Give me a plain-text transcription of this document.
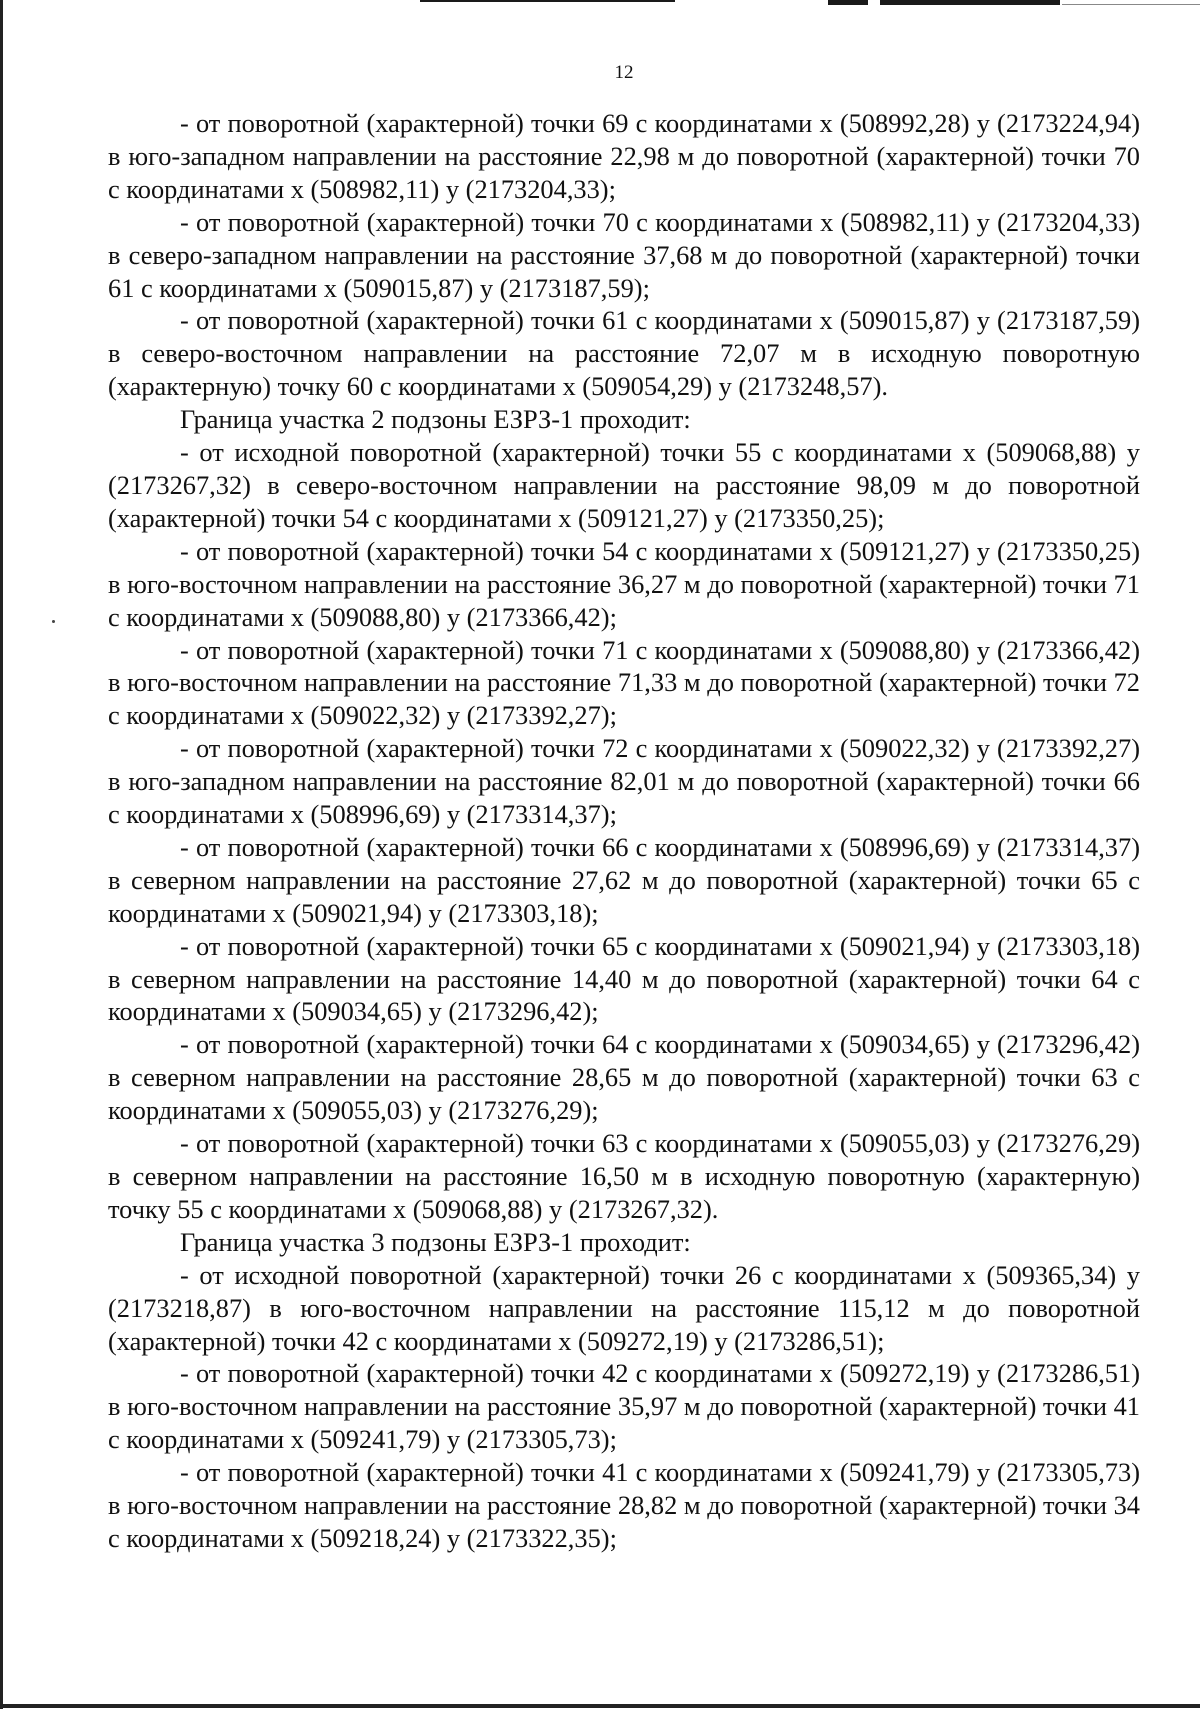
12

- от поворотной (характерной) точки 69 с координатами x (508992,28) y (2173224,94) в юго-западном направлении на расстояние 22,98 м до поворотной (характерной) точки 70 с координатами x (508982,11) y (2173204,33);

- от поворотной (характерной) точки 70 с координатами x (508982,11) y (2173204,33) в северо-западном направлении на расстояние 37,68 м до поворотной (характерной) точки 61 с координатами x (509015,87) y (2173187,59);

- от поворотной (характерной) точки 61 с координатами x (509015,87) y (2173187,59) в северо-восточном направлении на расстояние 72,07 м в исходную поворотную (характерную) точку 60 с координатами x (509054,29) y (2173248,57).

Граница участка 2 подзоны ЕЗРЗ-1 проходит:

- от исходной поворотной (характерной) точки 55 с координатами x (509068,88) y (2173267,32) в северо-восточном направлении на расстояние 98,09 м до поворотной (характерной) точки 54 с координатами x (509121,27) y (2173350,25);

- от поворотной (характерной) точки 54 с координатами x (509121,27) y (2173350,25) в юго-восточном направлении на расстояние 36,27 м до поворотной (характерной) точки 71 с координатами x (509088,80) y (2173366,42);

- от поворотной (характерной) точки 71 с координатами x (509088,80) y (2173366,42) в юго-восточном направлении на расстояние 71,33 м до поворотной (характерной) точки 72 с координатами x (509022,32) y (2173392,27);

- от поворотной (характерной) точки 72 с координатами x (509022,32) y (2173392,27) в юго-западном направлении на расстояние 82,01 м до поворотной (характерной) точки 66 с координатами x (508996,69) y (2173314,37);

- от поворотной (характерной) точки 66 с координатами x (508996,69) y (2173314,37) в северном направлении на расстояние 27,62 м до поворотной (характерной) точки 65 с координатами x (509021,94) y (2173303,18);

- от поворотной (характерной) точки 65 с координатами x (509021,94) y (2173303,18) в северном направлении на расстояние 14,40 м до поворотной (характерной) точки 64 с координатами x (509034,65) y (2173296,42);

- от поворотной (характерной) точки 64 с координатами x (509034,65) y (2173296,42) в северном направлении на расстояние 28,65 м до поворотной (характерной) точки 63 с координатами x (509055,03) y (2173276,29);

- от поворотной (характерной) точки 63 с координатами x (509055,03) y (2173276,29) в северном направлении на расстояние 16,50 м в исходную поворотную (характерную) точку 55 с координатами x (509068,88) y (2173267,32).

Граница участка 3 подзоны ЕЗРЗ-1 проходит:

- от исходной поворотной (характерной) точки 26 с координатами x (509365,34) y (2173218,87) в юго-восточном направлении на расстояние 115,12 м до поворотной (характерной) точки 42 с координатами x (509272,19) y (2173286,51);

- от поворотной (характерной) точки 42 с координатами x (509272,19) y (2173286,51) в юго-восточном направлении на расстояние 35,97 м до поворотной (характерной) точки 41 с координатами x (509241,79) y (2173305,73);

- от поворотной (характерной) точки 41 с координатами x (509241,79) y (2173305,73) в юго-восточном направлении на расстояние 28,82 м до поворотной (характерной) точки 34 с координатами x (509218,24) y (2173322,35);
